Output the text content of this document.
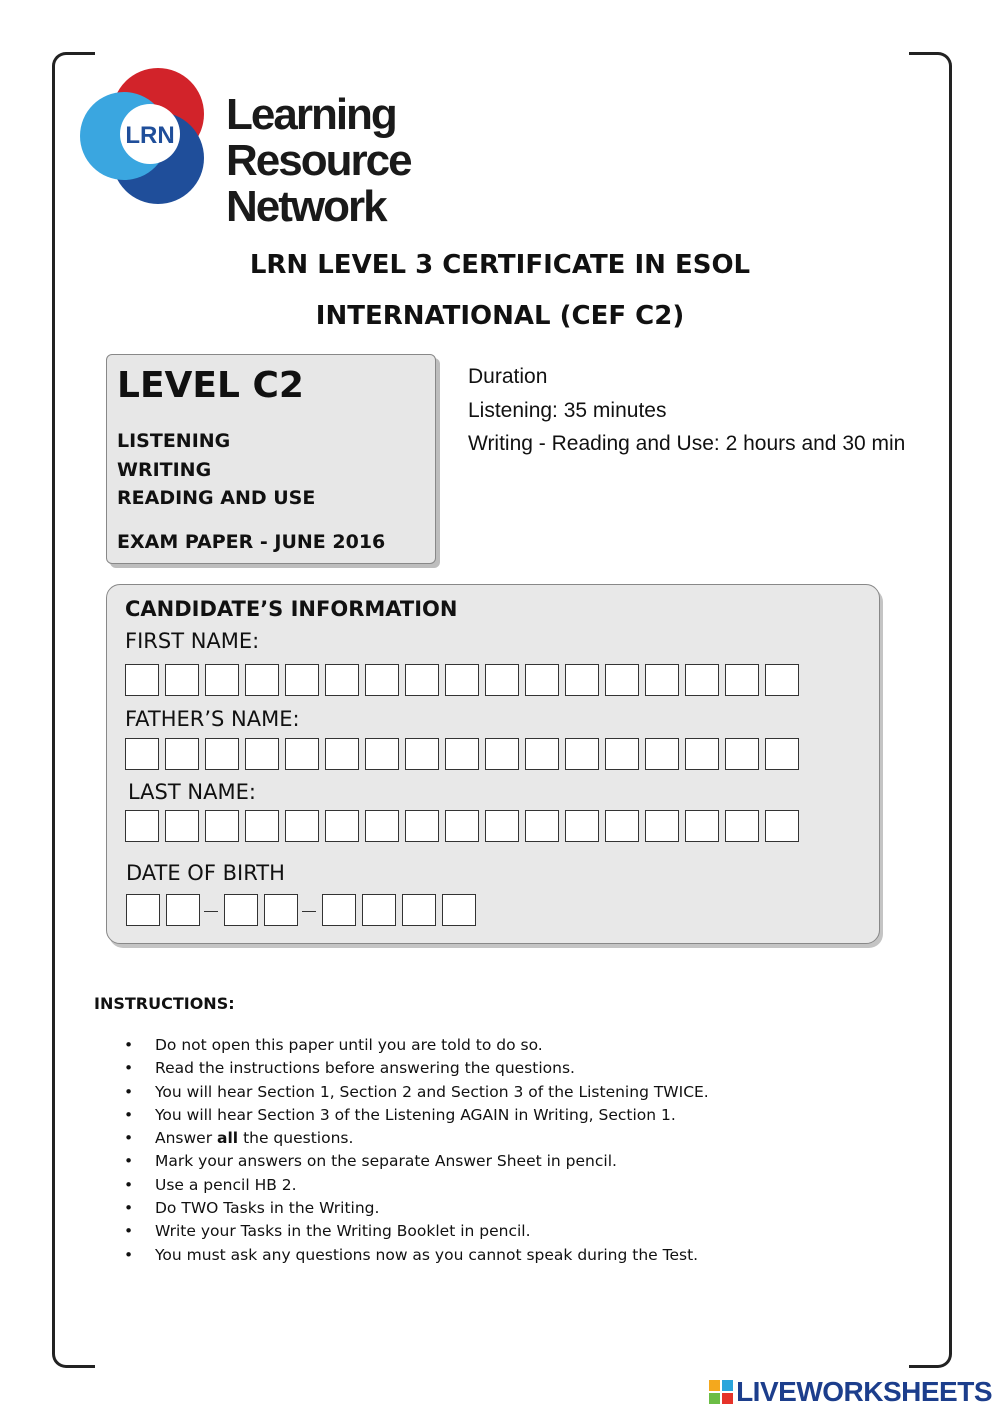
LRN Learning
Resource Network
LRN LEVEL 3 CERTIFICATE IN ESOL
INTERNATIONAL (CEF C2)
LEVEL C2
LISTENING
WRITING
READING AND USE
EXAM PAPER - JUNE 2016
Duration
Listening: 35 minutes
Writing - Reading and Use: 2 hours and 30 min
CANDIDATE’S INFORMATION
FIRST NAME:
FATHER’S NAME:
LAST NAME:
DATE OF BIRTH
INSTRUCTIONS:
• Do not open this paper until you are told to do so.
• Read the instructions before answering the questions.
• You will hear Section 1, Section 2 and Section 3 of the Listening TWICE.
• You will hear Section 3 of the Listening AGAIN in Writing, Section 1.
• Answer all the questions.
• Mark your answers on the separate Answer Sheet in pencil.
• Use a pencil HB 2.
• Do TWO Tasks in the Writing.
• Write your Tasks in the Writing Booklet in pencil.
• You must ask any questions now as you cannot speak during the Test.
LIVEWORKSHEETS
